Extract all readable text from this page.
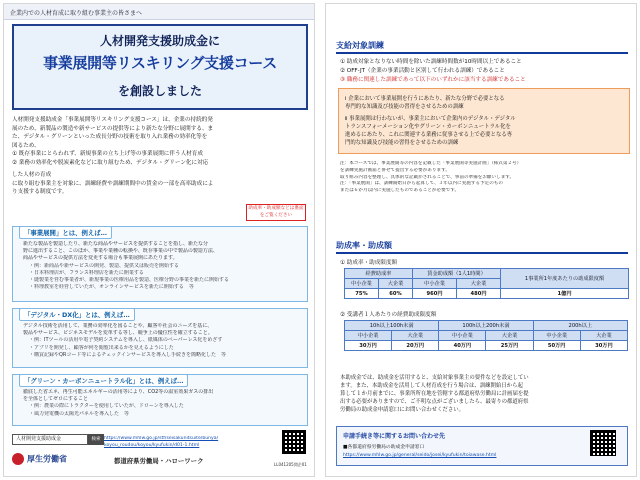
企業内での人材育成に取り組む事業主の皆さまへ
人材開発支援助成金に
事業展開等リスキリング支援コース
を創設しました

人材開発支援助成金「事業展開等リスキリング支援コース」は、企業の持続的発

展のため、新製品の製造や新サービスの提供等により新たな分野に展開する、ま

た、デジタル・グリーンといった成長分野の技術を取り入れ業務の効率化等を

図るため、

① 既存事業にとらわれず、新規事業の立ち上げ等の事業展開に伴う人材育成

② 業務の効率化や脱炭素化などに取り組むため、デジタル・グリーン化に対応

した人材の育成

に取り組む事業主を対象に、訓練経費や訓練期間中の賃金の一部を高率助成によ

り支援する制度です。

助成率・助成額などは裏面をご覧ください
「事業展開」とは、例えば…

新たな製品を製造したり、新たな商品やサービスを提供することを指し、新たな分

野に進出すること、このほか、事業や業種の転換や、既存事業の中で製品の製造方法、

商品やサービスの提供方法を変更する場合も事業展開にあたります。

・例：新商品や新サービスの開発、製造、提供又は販売を開始する

・日本料理店が、フランス料理店を新たに開業する

・縫製業を営む事業者が、新規事業の医療用品を製造、医療分野の事業を新たに開始する

・料理教室を経営していたが、オンラインサービスを新たに開始する　等

「デジタル・DX化」とは、例えば…

デジタル技術を活用して、業務の効率化を図ることや、顧客や社会のニーズを基に、

製品やサービス、ビジネスモデルを変革する等し、競争上の優位性を確立すること。

・例：ITツールの活用や電子契約システムを導入し、紙媒体のペーパーレス化をめざす

・アプリを開発し、顧客が何を閲覧出来るかを見えるようにした

・購買記録やQRコード等によるチェックインサービスを導入し手続きを簡略化した　等

「グリーン・カーボンニュートラル化」とは、例えば…

徹底した省エネ、再生可能エネルギーの活用等により、CO2等の温室効果ガスの排出

を全体としてゼロにすること

・例：農業の際にトラクターを使用していたが、ドローンを導入した

・風力発電機の太陽光パネルを導入した　等

人材開発支援助成金	検索 https://www.mhlw.go.jp/stf/seisakunitsuite/bunya/
koyou_roudou/koyou/kyufukin/d01-1.html
厚生労働省	都道府県労働局・ハローワーク	LL041205開企01
支給対象訓練
① 助成対象となりない時間を除いた訓練時間数が10時間以上であること
② OFF-JT（企業の事業活動と区別して行われる訓練）であること
③ 職務に関連した訓練であって以下のいずれかに該当する訓練であること

ⅰ 企業において事業展開を行うにあたり、新たな分野で必要となる

専門的な知識及び技能の習得をさせるための訓練

ⅱ 事業展開は行わないが、事業主において企業内のデジタル・デジタル

トランスフォーメーション化やグリーン・カーボンニュートラル化を

進めるにあたり、これに関連する業務に従事させる上で必要となる専

門的な知識及び技能の習得をさせるための訓練

注：本コースでは、事業展開等の内容を記載した「事業展開等実施計画」（様式第２号）

を訓練実施計画届と併せて提出する必要があります。

取り組み内容を整理し、具体的な記載がされることで、事前の準備をお願いします。

注：「事業展開」は、訓練開始日から起算して、３年以内に実施する予定のもの

または６か月以内に実施したものであることが必要です。

助成率・助成額
① 助成率・助成限度額
経費助成率		賃金助成額（1人1時間）		1事業所1年度あたりの助成限度額
中小企業	大企業	中小企業	大企業	
75%	60%	960円	480円	1億円
② 受講者１人あたりの経費助成限度額
10h以上100h未満		100h以上200h未満		200h以上	
中小企業	大企業	中小企業	大企業	中小企業	大企業
30万円	20万円	40万円	25万円	50万円	30万円

本助成金では、助成金を活用すると、支給対象事業主の要件などを設定してい

ます。また、本助成金を活用して人材育成を行う場合は、訓練開始日から起

算して１か月前までに、事業所所在地を管轄する都道府県労働局に計画届を提

出する必要がありますので、ご不明な点がございましたら、最寄りの都道府県

労働局の助成金申請窓口にお問い合わせください。

申請手続き等に関するお問い合わせ先
■各都道府県労働局の助成金申請窓口
https://www.mhlw.go.jp/general/seido/josei/kyufukin/toiawase.html
